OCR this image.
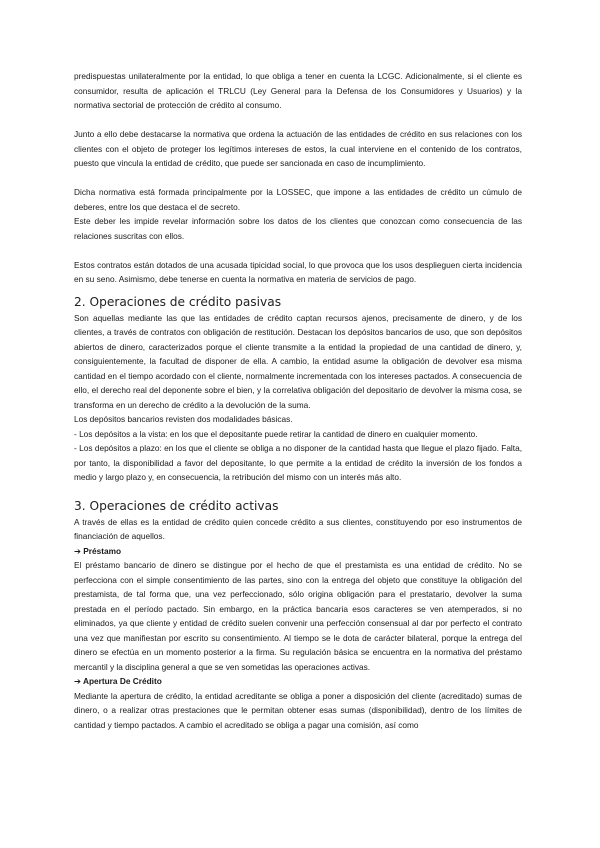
predispuestas unilateralmente por la entidad, lo que obliga a tener en cuenta la LCGC. Adicionalmente, si el cliente es consumidor, resulta de aplicación el TRLCU (Ley General para la Defensa de los Consumidores y Usuarios) y la normativa sectorial de protección de crédito al consumo.

Junto a ello debe destacarse la normativa que ordena la actuación de las entidades de crédito en sus relaciones con los clientes con el objeto de proteger los legítimos intereses de estos, la cual interviene en el contenido de los contratos, puesto que vincula la entidad de crédito, que puede ser sancionada en caso de incumplimiento.

Dicha normativa está formada principalmente por la LOSSEC, que impone a las entidades de crédito un cúmulo de deberes, entre los que destaca el de secreto.

Este deber les impide revelar información sobre los datos de los clientes que conozcan como consecuencia de las relaciones suscritas con ellos.

Estos contratos están dotados de una acusada tipicidad social, lo que provoca que los usos desplieguen cierta incidencia en su seno. Asimismo, debe tenerse en cuenta la normativa en materia de servicios de pago.

2. Operaciones de crédito pasivas

Son aquellas mediante las que las entidades de crédito captan recursos ajenos, precisamente de dinero, y de los clientes, a través de contratos con obligación de restitución. Destacan los depósitos bancarios de uso, que son depósitos abiertos de dinero, caracterizados porque el cliente transmite a la entidad la propiedad de una cantidad de dinero, y, consiguientemente, la facultad de disponer de ella. A cambio, la entidad asume la obligación de devolver esa misma cantidad en el tiempo acordado con el cliente, normalmente incrementada con los intereses pactados. A consecuencia de ello, el derecho real del deponente sobre el bien, y la correlativa obligación del depositario de devolver la misma cosa, se transforma en un derecho de crédito a la devolución de la suma.

Los depósitos bancarios revisten dos modalidades básicas.

- Los depósitos a la vista: en los que el depositante puede retirar la cantidad de dinero en cualquier momento.

- Los depósitos a plazo: en los que el cliente se obliga a no disponer de la cantidad hasta que llegue el plazo fijado. Falta, por tanto, la disponibilidad a favor del depositante, lo que permite a la entidad de crédito la inversión de los fondos a medio y largo plazo y, en consecuencia, la retribución del mismo con un interés más alto.

3. Operaciones de crédito activas

A través de ellas es la entidad de crédito quien concede crédito a sus clientes, constituyendo por eso instrumentos de financiación de aquellos.

➔ Préstamo

El préstamo bancario de dinero se distingue por el hecho de que el prestamista es una entidad de crédito. No se perfecciona con el simple consentimiento de las partes, sino con la entrega del objeto que constituye la obligación del prestamista, de tal forma que, una vez perfeccionado, sólo origina obligación para el prestatario, devolver la suma prestada en el período pactado. Sin embargo, en la práctica bancaria esos caracteres se ven atemperados, si no eliminados, ya que cliente y entidad de crédito suelen convenir una perfección consensual al dar por perfecto el contrato una vez que manifiestan por escrito su consentimiento. Al tiempo se le dota de carácter bilateral, porque la entrega del dinero se efectúa en un momento posterior a la firma. Su regulación básica se encuentra en la normativa del préstamo mercantil y la disciplina general a que se ven sometidas las operaciones activas.

➔ Apertura De Crédito

Mediante la apertura de crédito, la entidad acreditante se obliga a poner a disposición del cliente (acreditado) sumas de dinero, o a realizar otras prestaciones que le permitan obtener esas sumas (disponibilidad), dentro de los límites de cantidad y tiempo pactados. A cambio el acreditado se obliga a pagar una comisión, así como
